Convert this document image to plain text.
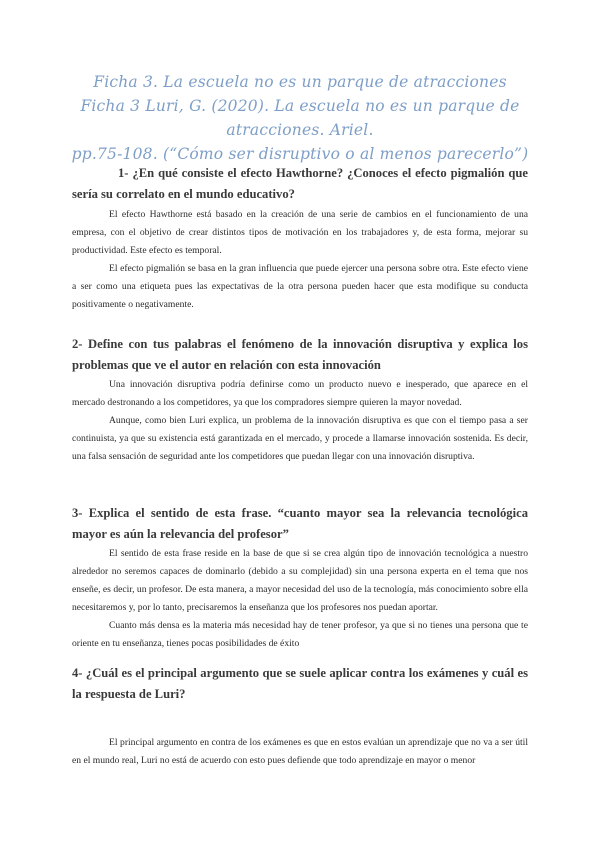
Ficha 3. La escuela no es un parque de atracciones
Ficha 3 Luri, G. (2020). La escuela no es un parque de atracciones. Ariel.
pp.75-108. (“Cómo ser disruptivo o al menos parecerlo”)
1- ¿En qué consiste el efecto Hawthorne? ¿Conoces el efecto pigmalión que sería su correlato en el mundo educativo?
El efecto Hawthorne está basado en la creación de una serie de cambios en el funcionamiento de una empresa, con el objetivo de crear distintos tipos de motivación en los trabajadores y, de esta forma, mejorar su productividad. Este efecto es temporal.
El efecto pigmalión se basa en la gran influencia que puede ejercer una persona sobre otra. Este efecto viene a ser como una etiqueta pues las expectativas de la otra persona pueden hacer que esta modifique su conducta positivamente o negativamente.
2- Define con tus palabras el fenómeno de la innovación disruptiva y explica los problemas que ve el autor en relación con esta innovación
Una innovación disruptiva podría definirse como un producto nuevo e inesperado, que aparece en el mercado destronando a los competidores, ya que los compradores siempre quieren la mayor novedad.
Aunque, como bien Luri explica, un problema de la innovación disruptiva es que con el tiempo pasa a ser continuista, ya que su existencia está garantizada en el mercado, y procede a llamarse innovación sostenida. Es decir, una falsa sensación de seguridad ante los competidores que puedan llegar con una innovación disruptiva.
3- Explica el sentido de esta frase. “cuanto mayor sea la relevancia tecnológica mayor es aún la relevancia del profesor”
El sentido de esta frase reside en la base de que si se crea algún tipo de innovación tecnológica a nuestro alrededor no seremos capaces de dominarlo (debido a su complejidad) sin una persona experta en el tema que nos enseñe, es decir, un profesor. De esta manera, a mayor necesidad del uso de la tecnología, más conocimiento sobre ella necesitaremos y, por lo tanto, precisaremos la enseñanza que los profesores nos puedan aportar.
Cuanto más densa es la materia más necesidad hay de tener profesor, ya que si no tienes una persona que te oriente en tu enseñanza, tienes pocas posibilidades de éxito
4- ¿Cuál es el principal argumento que se suele aplicar contra los exámenes y cuál es la respuesta de Luri?
El principal argumento en contra de los exámenes es que en estos evalúan un aprendizaje que no va a ser útil en el mundo real, Luri no está de acuerdo con esto pues defiende que todo aprendizaje en mayor o menor
